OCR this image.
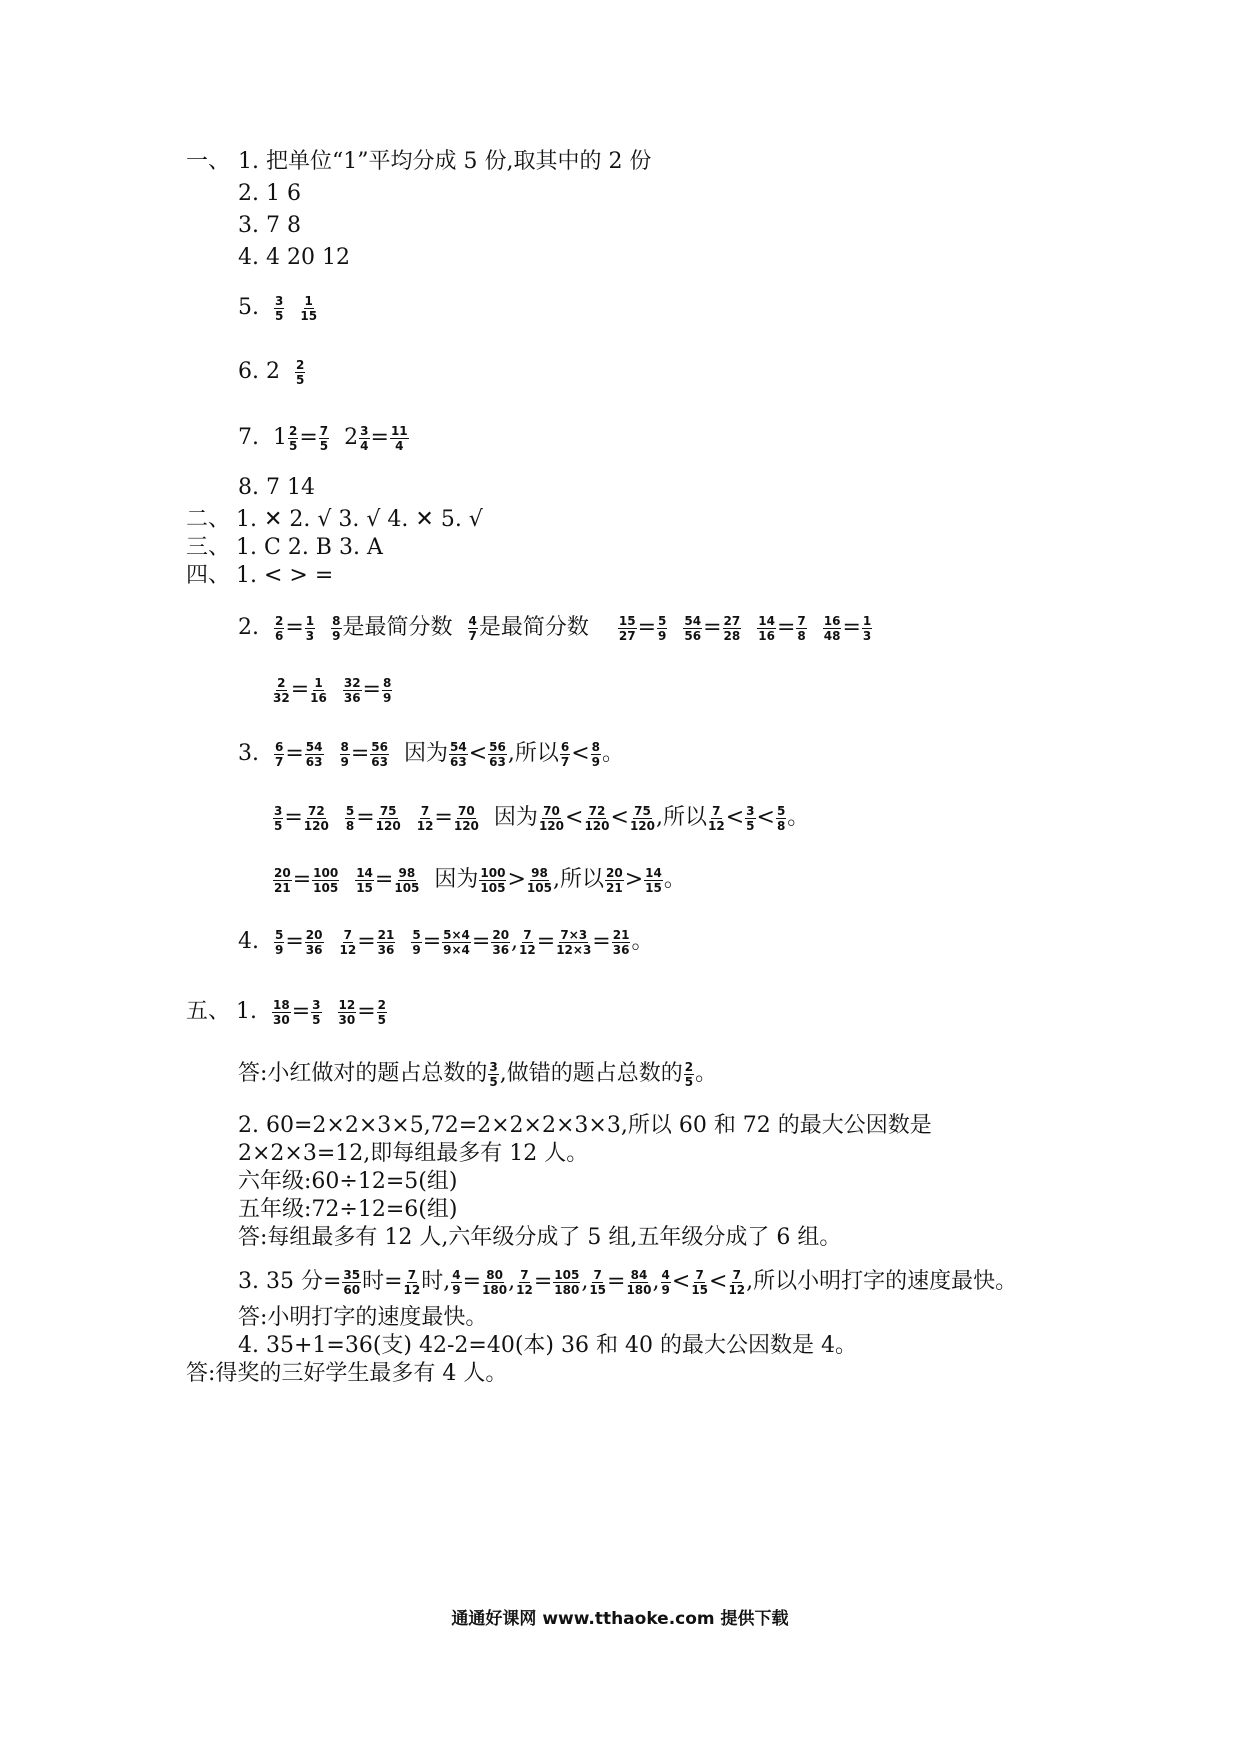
一、 1. 把单位“1”平均分成 5 份,取其中的 2 份
2. 1 6
3. 7 8
4. 4 20 12
5. $\frac{3}{5} \frac{1}{15}$
6. $2 \frac{2}{5}$
7. $1 \frac{2}{5} = \frac{7}{5} 2 \frac{3}{4} = \frac{11}{4}$
8. 7 14
二、 1. ✕ 2. √ 3. √ 4. ✕ 5. √
三、 1. C 2. B 3. A
四、 1. < > =
2. $\frac{2}{6} = \frac{1}{3} \frac{8}{9}$ 是最简分数 $\frac{4}{7}$ 是最简分数 $\frac{15}{27} = \frac{5}{9} \frac{54}{56} = \frac{27}{28} \frac{14}{16} = \frac{7}{8} \frac{16}{48} = \frac{1}{3}$
$\frac{2}{32} = \frac{1}{16} \frac{32}{36} = \frac{8}{9}$
3. $\frac{6}{7} = \frac{54}{63} \frac{8}{9} = \frac{56}{63}$ 因为 $\frac{54}{63} < \frac{56}{63}$ ,所以 $\frac{6}{7} < \frac{8}{9}$ 。
$\frac{3}{5} = \frac{72}{120} \frac{5}{8} = \frac{75}{120} \frac{7}{12} = \frac{70}{120}$ 因为 $\frac{70}{120} < \frac{72}{120} < \frac{75}{120}$ ,所以 $\frac{7}{12} < \frac{3}{5} < \frac{5}{8}$ 。
$\frac{20}{21} = \frac{100}{105} \frac{14}{15} = \frac{98}{105}$ 因为 $\frac{100}{105} > \frac{98}{105}$ ,所以 $\frac{20}{21} > \frac{14}{15}$ 。
4. $\frac{5}{9} = \frac{20}{36} \frac{7}{12} = \frac{21}{36} \frac{5}{9} = \frac{5\times 4}{9\times 4} = \frac{20}{36}$ , $\frac{7}{12} = \frac{7\times 3}{12\times 3} = \frac{21}{36}$ 。
五、 1. $\frac{18}{30} = \frac{3}{5} \frac{12}{30} = \frac{2}{5}$
答:小红做对的题占总数的 $\frac{3}{5}$ ,做错的题占总数的 $\frac{2}{5}$ 。
2. 60=2×2×3×5,72=2×2×2×3×3,所以 60 和 72 的最大公因数是
2×2×3=12,即每组最多有 12 人。
六年级:60÷12=5(组)
五年级:72÷12=6(组)
答:每组最多有 12 人,六年级分成了 5 组,五年级分成了 6 组。
3. 35 分= $\frac{35}{60}$ 时= $\frac{7}{12}$ 时, $\frac{4}{9} = \frac{80}{180}$ , $\frac{7}{12} = \frac{105}{180}$ , $\frac{7}{15} = \frac{84}{180}$ , $\frac{4}{9} < \frac{7}{15} < \frac{7}{12}$ ,所以小明打字的速度最快。
答:小明打字的速度最快。
4. 35+1=36(支) 42-2=40(本) 36 和 40 的最大公因数是 4。
答:得奖的三好学生最多有 4 人。
通通好课网 www.tthaoke.com 提供下载
